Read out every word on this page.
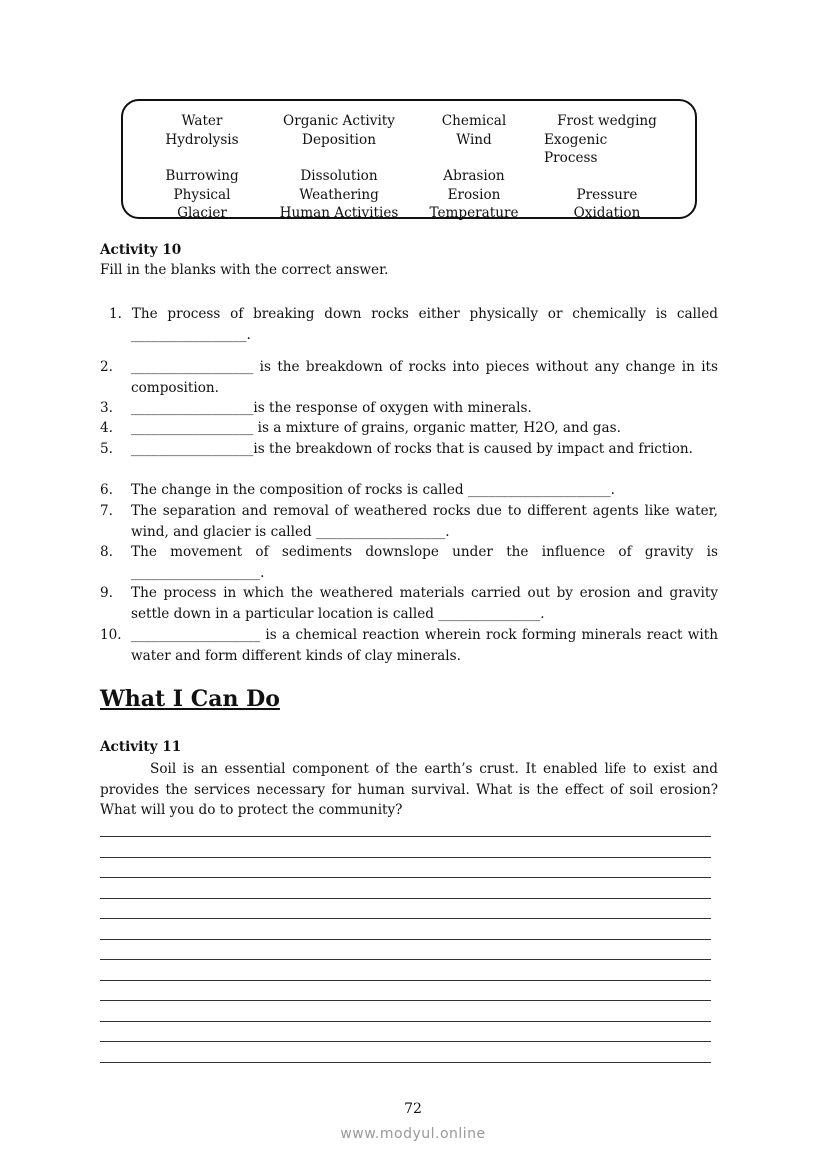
Water
Hydrolysis
Burrowing
Physical
Glacier
Organic Activity
Deposition
Dissolution
Weathering
Human Activities
Chemical
Wind
Abrasion
Erosion
Temperature
Frost wedging
Exogenic
Process
Pressure
Oxidation
Activity 10
Fill in the blanks with the correct answer.
1. The process of breaking down rocks either physically or chemically is called _________________.
2. __________________ is the breakdown of rocks into pieces without any change in its composition.
3. __________________is the response of oxygen with minerals.
4. __________________ is a mixture of grains, organic matter, H2O, and gas.
5. __________________is the breakdown of rocks that is caused by impact and friction.
6. The change in the composition of rocks is called _____________________.
7. The separation and removal of weathered rocks due to different agents like water, wind, and glacier is called ___________________.
8. The movement of sediments downslope under the influence of gravity is ___________________.
9. The process in which the weathered materials carried out by erosion and gravity settle down in a particular location is called _______________.
10. ___________________ is a chemical reaction wherein rock forming minerals react with water and form different kinds of clay minerals.
What I Can Do
Activity 11
Soil is an essential component of the earth’s crust. It enabled life to exist and provides the services necessary for human survival. What is the effect of soil erosion? What will you do to protect the community?
72
www.modyul.online
